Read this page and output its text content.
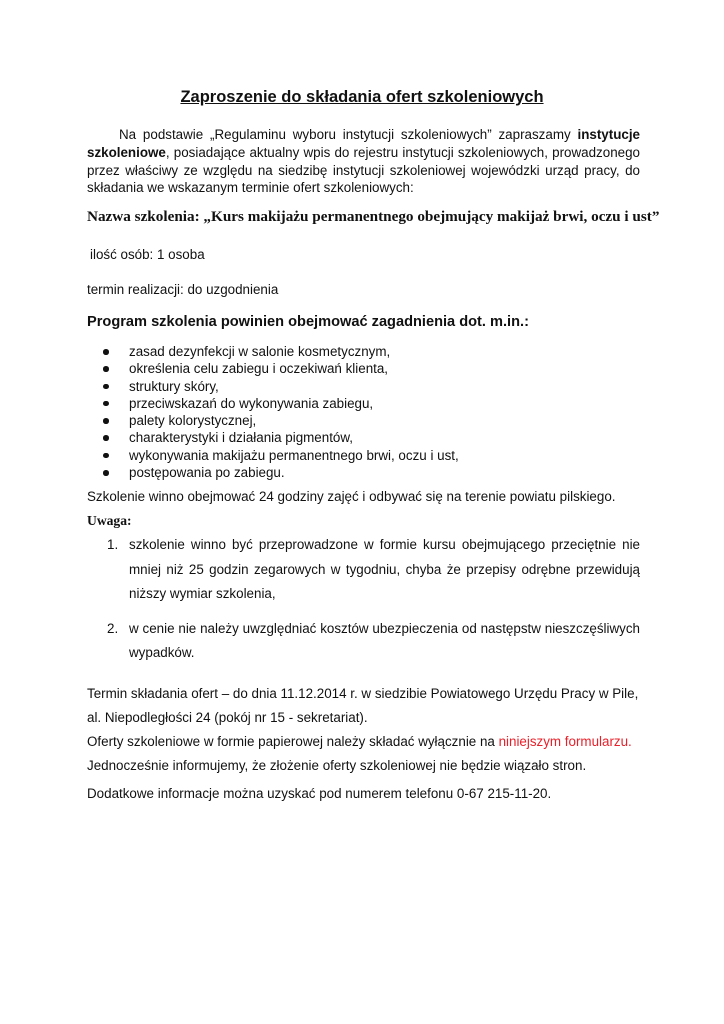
Zaproszenie do składania ofert szkoleniowych
Na podstawie „Regulaminu wyboru instytucji szkoleniowych” zapraszamy instytucje szkoleniowe, posiadające aktualny wpis do rejestru instytucji szkoleniowych, prowadzonego przez właściwy ze względu na siedzibę instytucji szkoleniowej wojewódzki urząd pracy, do składania we wskazanym terminie ofert szkoleniowych:
Nazwa szkolenia: „Kurs makijażu permanentnego obejmujący makijaż brwi, oczu i ust”
ilość osób: 1 osoba
termin realizacji: do uzgodnienia
Program szkolenia powinien obejmować zagadnienia dot. m.in.:
zasad dezynfekcji w salonie kosmetycznym,
określenia celu zabiegu i oczekiwań klienta,
struktury skóry,
przeciwskazań do wykonywania zabiegu,
palety kolorystycznej,
charakterystyki i działania pigmentów,
wykonywania makijażu permanentnego brwi, oczu i ust,
postępowania po zabiegu.
Szkolenie winno obejmować 24 godziny zajęć i odbywać się na terenie powiatu pilskiego.
Uwaga:
1. szkolenie winno być przeprowadzone w formie kursu obejmującego przeciętnie nie mniej niż 25 godzin zegarowych w tygodniu, chyba że przepisy odrębne przewidują niższy wymiar szkolenia,
2. w cenie nie należy uwzględniać kosztów ubezpieczenia od następstw nieszczęśliwych wypadków.
Termin składania ofert – do dnia 11.12.2014 r. w siedzibie Powiatowego Urzędu Pracy w Pile,
al. Niepodległości 24 (pokój nr 15 - sekretariat).
Oferty szkoleniowe w formie papierowej należy składać wyłącznie na niniejszym formularzu.
Jednocześnie informujemy, że złożenie oferty szkoleniowej nie będzie wiązało stron.
Dodatkowe informacje można uzyskać pod numerem telefonu 0-67 215-11-20.
